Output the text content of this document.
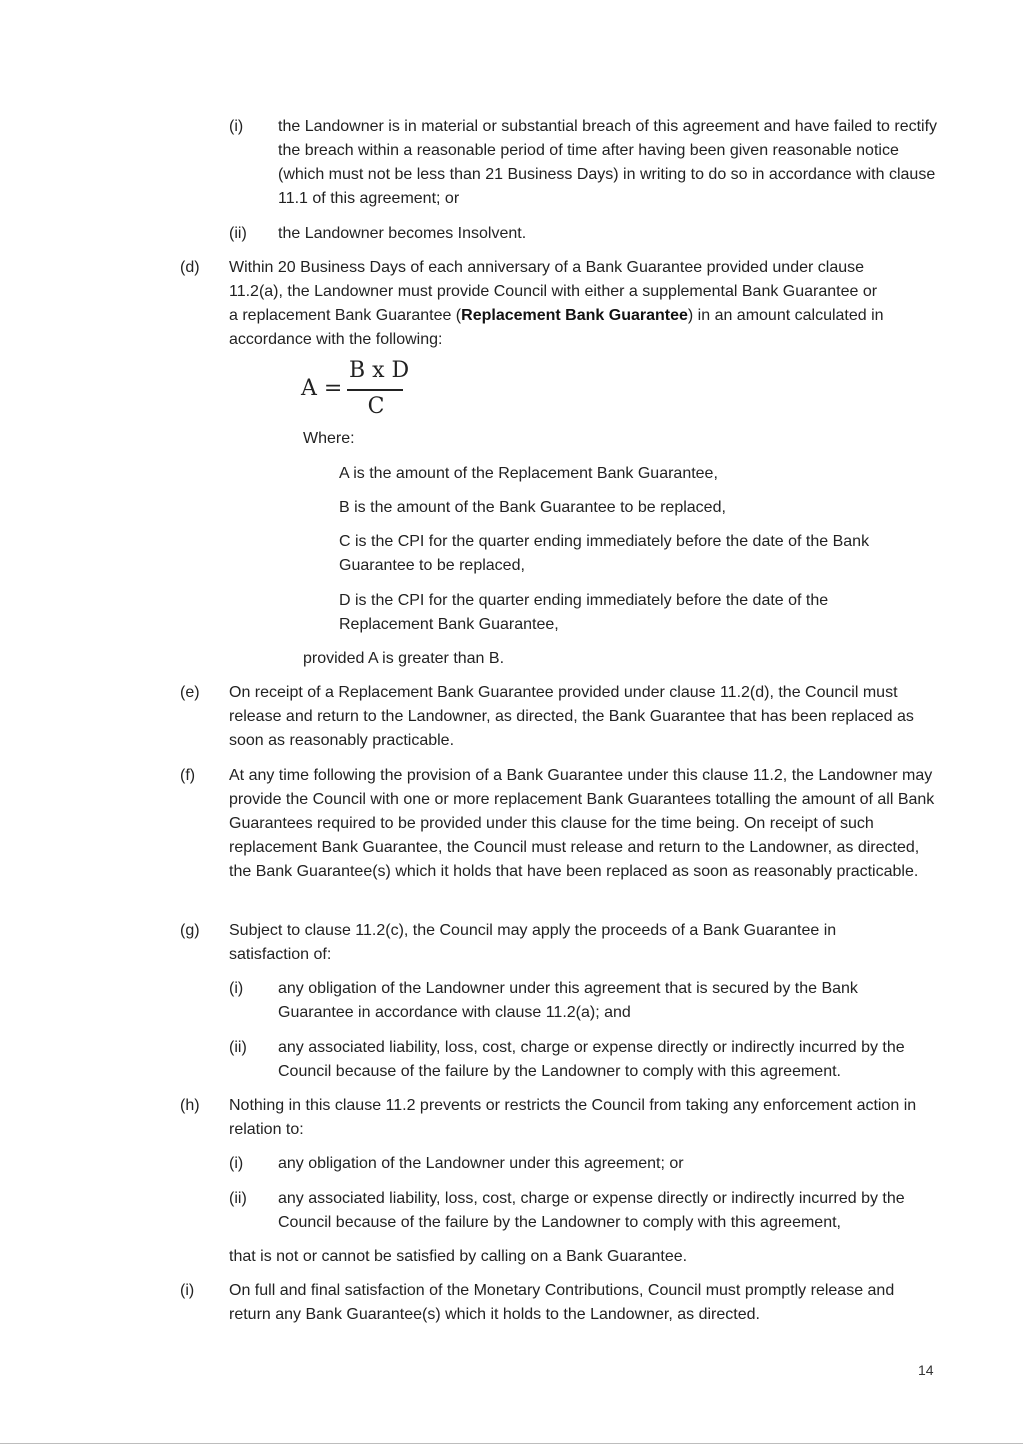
(i) the Landowner is in material or substantial breach of this agreement and have failed to rectify the breach within a reasonable period of time after having been given reasonable notice (which must not be less than 21 Business Days) in writing to do so in accordance with clause 11.1 of this agreement; or
(ii) the Landowner becomes Insolvent.
(d) Within 20 Business Days of each anniversary of a Bank Guarantee provided under clause 11.2(a), the Landowner must provide Council with either a supplemental Bank Guarantee or a replacement Bank Guarantee (Replacement Bank Guarantee) in an amount calculated in accordance with the following:
A =
B x D
C
Where:
A is the amount of the Replacement Bank Guarantee,
B is the amount of the Bank Guarantee to be replaced,
C is the CPI for the quarter ending immediately before the date of the Bank Guarantee to be replaced,
D is the CPI for the quarter ending immediately before the date of the Replacement Bank Guarantee,
provided A is greater than B.
(e) On receipt of a Replacement Bank Guarantee provided under clause 11.2(d), the Council must release and return to the Landowner, as directed, the Bank Guarantee that has been replaced as soon as reasonably practicable.
(f) At any time following the provision of a Bank Guarantee under this clause 11.2, the Landowner may provide the Council with one or more replacement Bank Guarantees totalling the amount of all Bank Guarantees required to be provided under this clause for the time being. On receipt of such replacement Bank Guarantee, the Council must release and return to the Landowner, as directed, the Bank Guarantee(s) which it holds that have been replaced as soon as reasonably practicable.
(g) Subject to clause 11.2(c), the Council may apply the proceeds of a Bank Guarantee in satisfaction of:
(i) any obligation of the Landowner under this agreement that is secured by the Bank Guarantee in accordance with clause 11.2(a); and
(ii) any associated liability, loss, cost, charge or expense directly or indirectly incurred by the Council because of the failure by the Landowner to comply with this agreement.
(h) Nothing in this clause 11.2 prevents or restricts the Council from taking any enforcement action in relation to:
(i) any obligation of the Landowner under this agreement; or
(ii) any associated liability, loss, cost, charge or expense directly or indirectly incurred by the Council because of the failure by the Landowner to comply with this agreement,
that is not or cannot be satisfied by calling on a Bank Guarantee.
(i) On full and final satisfaction of the Monetary Contributions, Council must promptly release and return any Bank Guarantee(s) which it holds to the Landowner, as directed.
14
